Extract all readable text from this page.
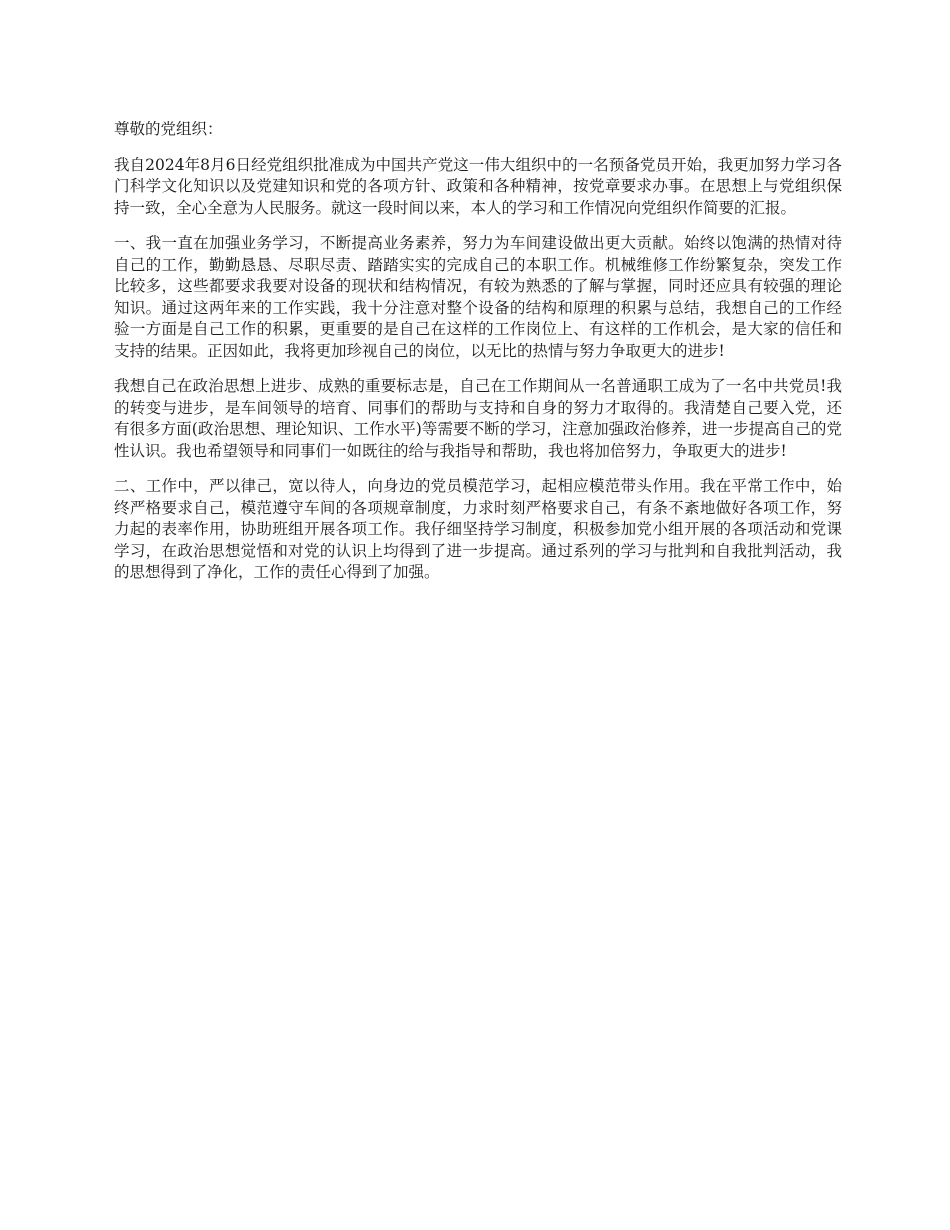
尊敬的党组织：

我自2024年8月6日经党组织批准成为中国共产党这一伟大组织中的一名预备党员开始，我更加努力学习各门科学文化知识以及党建知识和党的各项方针、政策和各种精神，按党章要求办事。在思想上与党组织保持一致，全心全意为人民服务。就这一段时间以来，本人的学习和工作情况向党组织作简要的汇报。

一、我一直在加强业务学习，不断提高业务素养，努力为车间建设做出更大贡献。始终以饱满的热情对待自己的工作，勤勤恳恳、尽职尽责、踏踏实实的完成自己的本职工作。机械维修工作纷繁复杂，突发工作比较多，这些都要求我要对设备的现状和结构情况，有较为熟悉的了解与掌握，同时还应具有较强的理论知识。通过这两年来的工作实践，我十分注意对整个设备的结构和原理的积累与总结，我想自己的工作经验一方面是自己工作的积累，更重要的是自己在这样的工作岗位上、有这样的工作机会，是大家的信任和支持的结果。正因如此，我将更加珍视自己的岗位，以无比的热情与努力争取更大的进步!

我想自己在政治思想上进步、成熟的重要标志是，自己在工作期间从一名普通职工成为了一名中共党员!我的转变与进步，是车间领导的培育、同事们的帮助与支持和自身的努力才取得的。我清楚自己要入党，还有很多方面(政治思想、理论知识、工作水平)等需要不断的学习，注意加强政治修养，进一步提高自己的党性认识。我也希望领导和同事们一如既往的给与我指导和帮助，我也将加倍努力，争取更大的进步!

二、工作中，严以律己，宽以待人，向身边的党员模范学习，起相应模范带头作用。我在平常工作中，始终严格要求自己，模范遵守车间的各项规章制度，力求时刻严格要求自己，有条不紊地做好各项工作，努力起的表率作用，协助班组开展各项工作。我仔细坚持学习制度，积极参加党小组开展的各项活动和党课学习，在政治思想觉悟和对党的认识上均得到了进一步提高。通过系列的学习与批判和自我批判活动，我的思想得到了净化，工作的责任心得到了加强。
